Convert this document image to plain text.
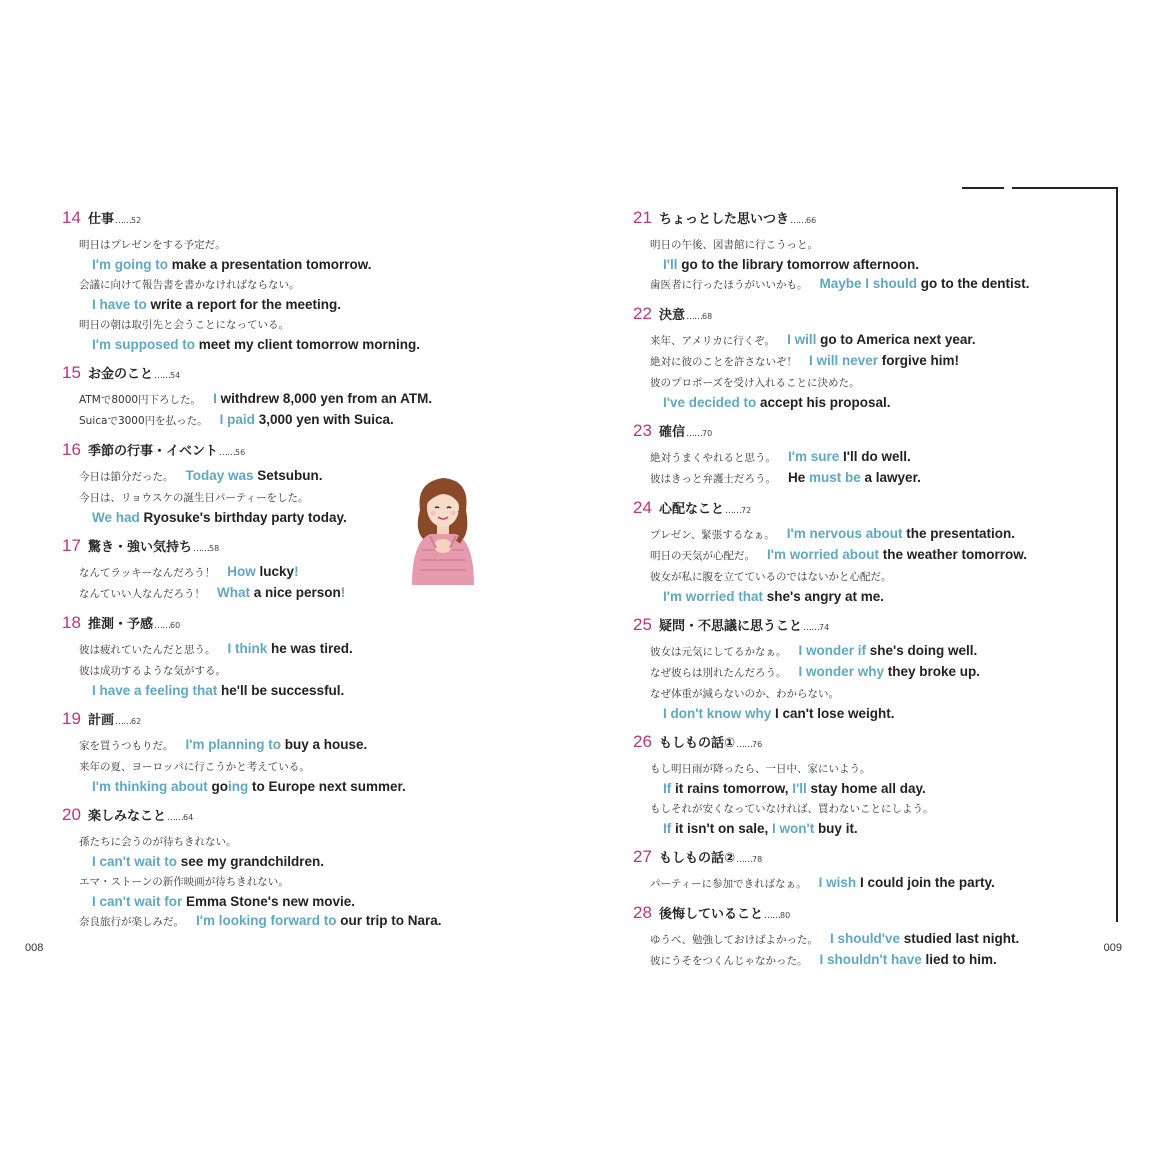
14 仕事 …… 52
明日はプレゼンをする予定だ。
I'm going to make a presentation tomorrow.
会議に向けて報告書を書かなければならない。
I have to write a report for the meeting.
明日の朝は取引先と会うことになっている。
I'm supposed to meet my client tomorrow morning.
15 お金のこと …… 54
ATMで8000円下ろした。 I withdrew 8,000 yen from an ATM.
Suicaで3000円を払った。 I paid 3,000 yen with Suica.
16 季節の行事・イベント …… 56
今日は節分だった。 Today was Setsubun.
今日は、リョウスケの誕生日パーティーをした。
We had Ryosuke's birthday party today.
17 驚き・強い気持ち …… 58
なんてラッキーなんだろう！ How lucky!
なんていい人なんだろう！ What a nice person!
18 推測・予感 …… 60
彼は疲れていたんだと思う。 I think he was tired.
彼は成功するような気がする。
I have a feeling that he'll be successful.
19 計画 …… 62
家を買うつもりだ。 I'm planning to buy a house.
来年の夏、ヨーロッパに行こうかと考えている。
I'm thinking about going to Europe next summer.
20 楽しみなこと …… 64
孫たちに会うのが待ちきれない。
I can't wait to see my grandchildren.
エマ・ストーンの新作映画が待ちきれない。
I can't wait for Emma Stone's new movie.
奈良旅行が楽しみだ。 I'm looking forward to our trip to Nara.
008
21 ちょっとした思いつき …… 66
明日の午後、図書館に行こうっと。
I'll go to the library tomorrow afternoon.
歯医者に行ったほうがいいかも。 Maybe I should go to the dentist.
22 決意 …… 68
来年、アメリカに行くぞ。 I will go to America next year.
絶対に彼のことを許さないぞ！ I will never forgive him!
彼のプロポーズを受け入れることに決めた。
I've decided to accept his proposal.
23 確信 …… 70
絶対うまくやれると思う。 I'm sure I'll do well.
彼はきっと弁護士だろう。 He must be a lawyer.
24 心配なこと …… 72
プレゼン、緊張するなぁ。 I'm nervous about the presentation.
明日の天気が心配だ。 I'm worried about the weather tomorrow.
彼女が私に腹を立てているのではないかと心配だ。
I'm worried that she's angry at me.
25 疑問・不思議に思うこと …… 74
彼女は元気にしてるかなぁ。 I wonder if she's doing well.
なぜ彼らは別れたんだろう。 I wonder why they broke up.
なぜ体重が減らないのか、わからない。
I don't know why I can't lose weight.
26 もしもの話① …… 76
もし明日雨が降ったら、一日中、家にいよう。
If it rains tomorrow, I'll stay home all day.
もしそれが安くなっていなければ、買わないことにしよう。
If it isn't on sale, I won't buy it.
27 もしもの話② …… 78
パーティーに参加できればなぁ。 I wish I could join the party.
28 後悔していること …… 80
ゆうべ、勉強しておけばよかった。 I should've studied last night.
彼にうそをつくんじゃなかった。 I shouldn't have lied to him.
009
